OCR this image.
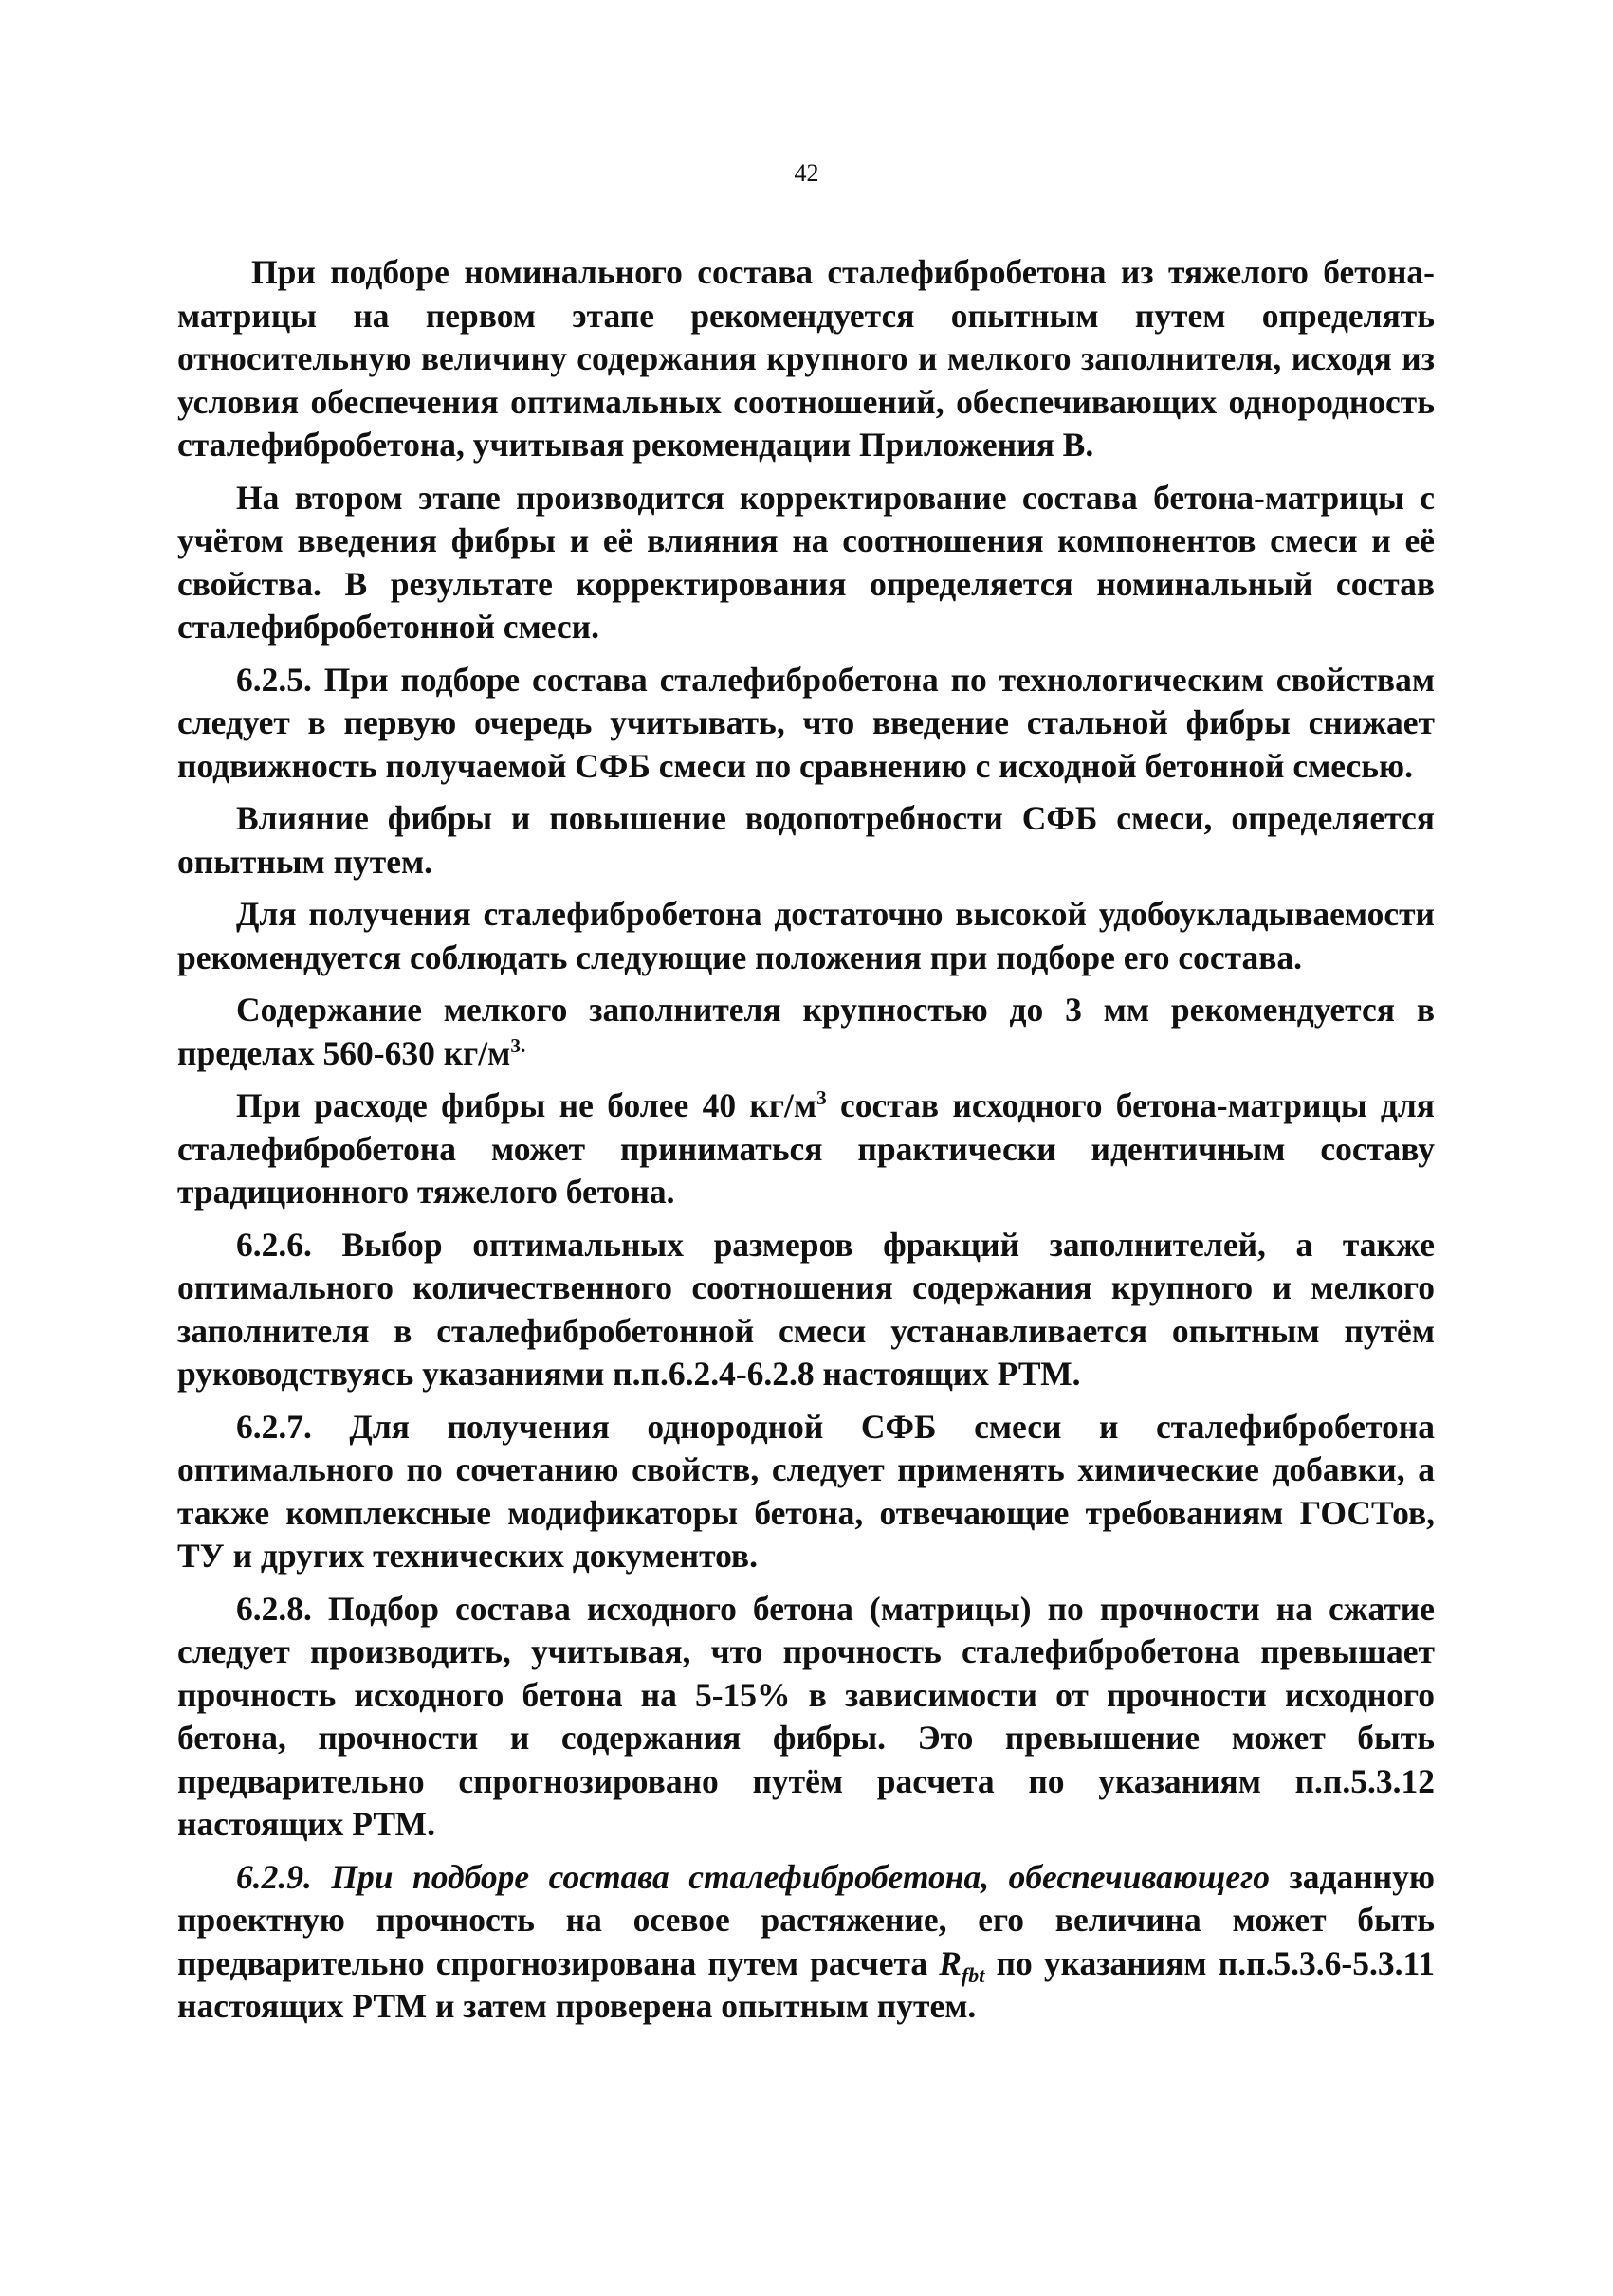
42

При подборе номинального состава сталефибробетона из тяжелого бетона-матрицы на первом этапе рекомендуется опытным путем определять относительную величину содержания крупного и мелкого заполнителя, исходя из условия обеспечения оптимальных соотношений, обеспечивающих однородность сталефибробетона, учитывая рекомендации Приложения В.

На втором этапе производится корректирование состава бетона-матрицы с учётом введения фибры и её влияния на соотношения компонентов смеси и её свойства. В результате корректирования определяется номинальный состав сталефибробетонной смеси.

6.2.5. При подборе состава сталефибробетона по технологическим свойствам следует в первую очередь учитывать, что введение стальной фибры снижает подвижность получаемой СФБ смеси по сравнению с исходной бетонной смесью.

Влияние фибры и повышение водопотребности СФБ смеси, определяется опытным путем.

Для получения сталефибробетона достаточно высокой удобоукладываемости рекомендуется соблюдать следующие положения при подборе его состава.

Содержание мелкого заполнителя крупностью до 3 мм рекомендуется в пределах 560-630 $кг/м^{3.}$

При расходе фибры не более 40 $кг/м^3$ состав исходного бетона-матрицы для сталефибробетона может приниматься практически идентичным составу традиционного тяжелого бетона.

6.2.6. Выбор оптимальных размеров фракций заполнителей, а также оптимального количественного соотношения содержания крупного и мелкого заполнителя в сталефибробетонной смеси устанавливается опытным путём руководствуясь указаниями п.п.6.2.4-6.2.8 настоящих РТМ.

6.2.7. Для получения однородной СФБ смеси и сталефибробетона оптимального по сочетанию свойств, следует применять химические добавки, а также комплексные модификаторы бетона, отвечающие требованиям ГОСТов, ТУ и других технических документов.

6.2.8. Подбор состава исходного бетона (матрицы) по прочности на сжатие следует производить, учитывая, что прочность сталефибробетона превышает прочность исходного бетона на 5-15% в зависимости от прочности исходного бетона, прочности и содержания фибры. Это превышение может быть предварительно спрогнозировано путём расчета по указаниям п.п.5.3.12 настоящих РТМ.

6.2.9. При подборе состава сталефибробетона, обеспечивающего заданную проектную прочность на осевое растяжение, его величина может быть предварительно спрогнозирована путем расчета $R_{fbt}$ по указаниям п.п.5.3.6-5.3.11 настоящих РТМ и затем проверена опытным путем.
